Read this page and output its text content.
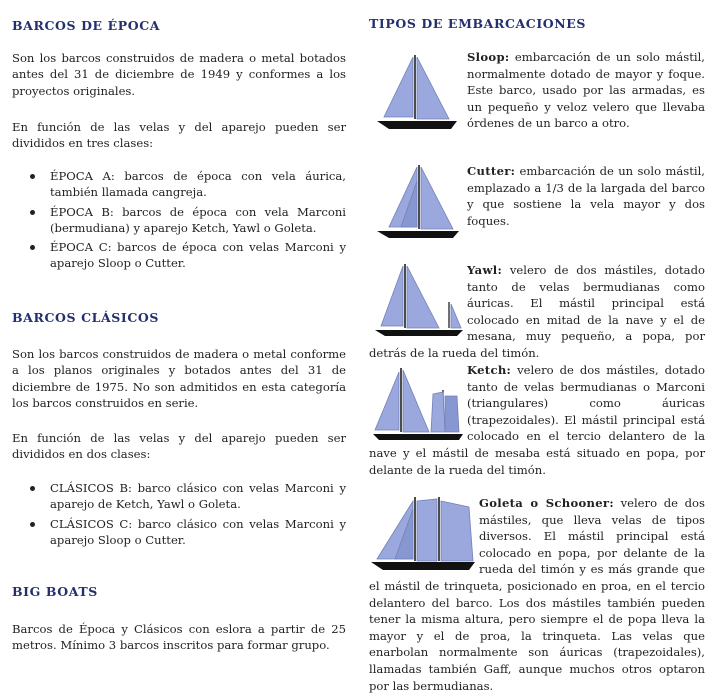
BARCOS DE ÉPOCA

Son los barcos construidos de madera o metal botados antes del 31 de diciembre de 1949 y conformes a los proyectos originales.

En función de las velas y del aparejo pueden ser divididos en tres clases:

ÉPOCA A: barcos de época con vela áurica, también llamada cangreja.
ÉPOCA B: barcos de época con vela Marconi (bermudiana) y aparejo Ketch, Yawl o Goleta.
ÉPOCA C: barcos de época con velas Marconi y aparejo Sloop o Cutter.
BARCOS CLÁSICOS

Son los barcos construidos de madera o metal conforme a los planos originales y botados antes del 31 de diciembre de 1975. No son admitidos en esta categoría los barcos construidos en serie.

En función de las velas y del aparejo pueden ser divididos en dos clases:

CLÁSICOS B: barco clásico con velas Marconi y aparejo de Ketch, Yawl o Goleta.
CLÁSICOS C: barco clásico con velas Marconi y aparejo Sloop o Cutter.
BIG BOATS

Barcos de Época y Clásicos con eslora a partir de 25 metros. Mínimo 3 barcos inscritos para formar grupo.

TIPOS DE EMBARCACIONES
Sloop: embarcación de un solo mástil, normalmente dotado de mayor y foque. Este barco, usado por las armadas, es un pequeño y veloz velero que llevaba órdenes de un barco a otro.
Cutter: embarcación de un solo mástil, emplazado a 1/3 de la largada del barco y que sostiene la vela mayor y dos foques.
Yawl: velero de dos mástiles, dotado tanto de velas bermudianas como áuricas. El mástil principal está colocado en mitad de la nave y el de mesana, muy pequeño, a popa, por detrás de la rueda del timón.
Ketch: velero de dos mástiles, dotado tanto de velas bermudianas o Marconi (triangulares) como áuricas (trapezoidales). El mástil principal está colocado en el tercio delantero de la nave y el mástil de mesaba está situado en popa, por delante de la rueda del timón.
Goleta o Schooner: velero de dos mástiles, que lleva velas de tipos diversos. El mástil principal está colocado en popa, por delante de la rueda del timón y es más grande que el mástil de trinqueta, posicionado en proa, en el tercio delantero del barco. Los dos mástiles también pueden tener la misma altura, pero siempre el de popa lleva la mayor y el de proa, la trinqueta. Las velas que enarbolan normalmente son áuricas (trapezoidales), llamadas también Gaff, aunque muchos otros optaron por las bermudianas.
